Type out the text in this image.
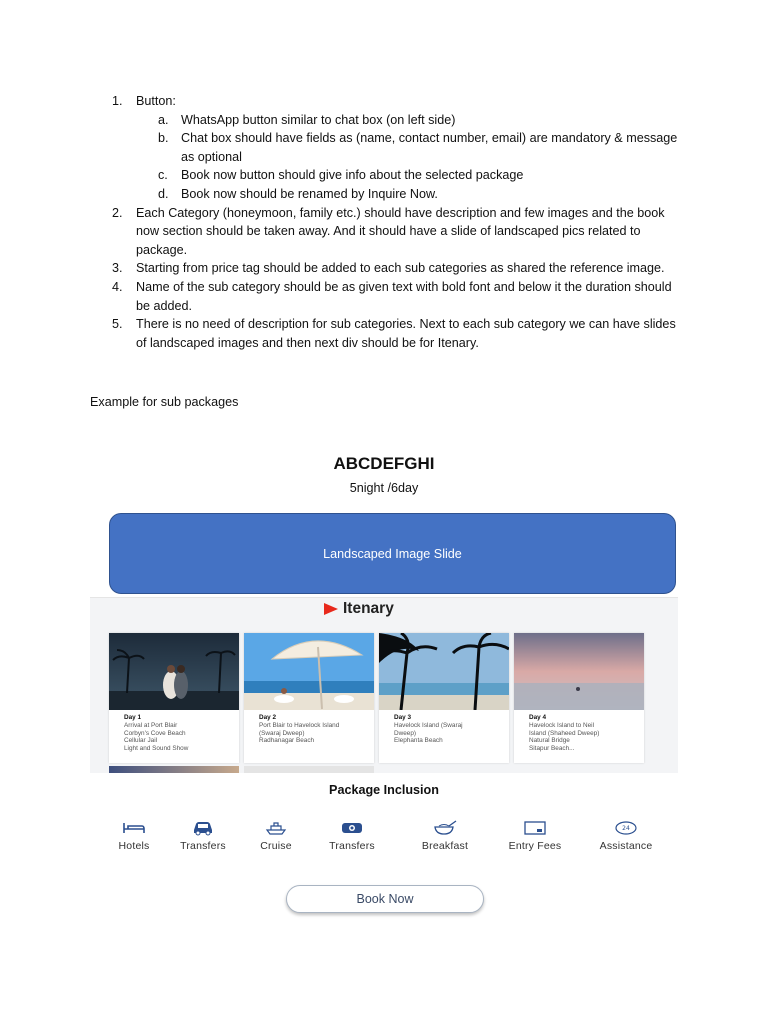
1.	Button:
a. WhatsApp button similar to chat box (on left side)
b. Chat box should have fields as (name, contact number, email) are mandatory & message as optional
c. Book now button should give info about the selected package
d. Book now should be renamed by Inquire Now.
2.	Each Category (honeymoon, family etc.) should have description and few images and the book now section should be taken away. And it should have a slide of landscaped pics related to package.
3.	Starting from price tag should be added to each sub categories as shared the reference image.
4.	Name of the sub category should be as given text with bold font and below it the duration should be added.
5.	There is no need of description for sub categories. Next to each sub category we can have slides of landscaped images and then next div should be for Itenary.
Example for sub packages
ABCDEFGHI
5night /6day
Landscaped Image Slide
Itenary
Day 1
Arrival at Port Blair
Corbyn's Cove Beach
Cellular Jail
Light and Sound Show
Day 2
Port Blair to Havelock Island
(Swaraj Dweep)
Radhanagar Beach
Day 3
Havelock Island (Swaraj
Dweep)
Elephanta Beach
Day 4
Havelock Island to Neil
Island (Shaheed Dweep)
Natural Bridge
Sitapur Beach...
Package Inclusion
Hotels	Transfers	Cruise	Transfers	Breakfast	Entry Fees
24
Assistance
Book Now
